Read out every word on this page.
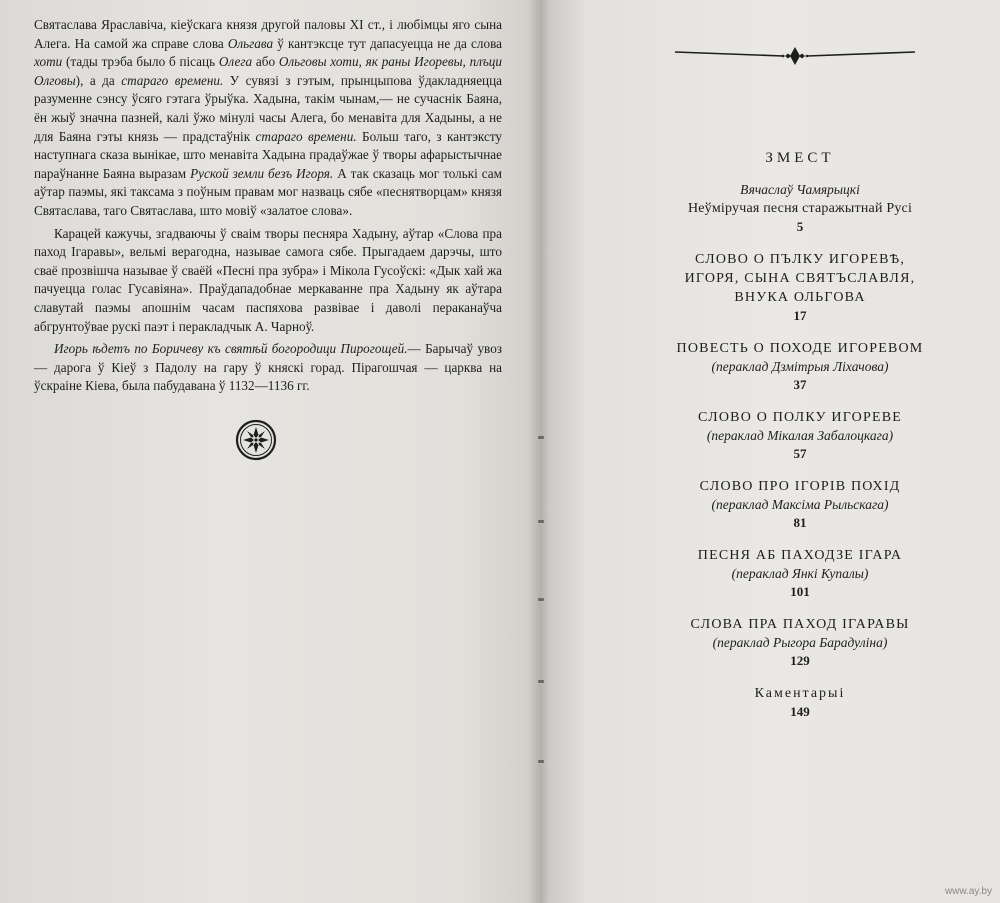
Святаслава Яраславіча, кіеўскага князя другой паловы XI ст., і любімцы яго сына Алега. На самой жа справе слова Ольгава ў кантэксце тут дапасуецца не да слова хоти (тады трэба было б пісаць Олега або Ольговы хоти, як раны Игоревы, плъци Олговы), а да стараго времени. У сувязі з гэтым, прынцыпова ўдакладняецца разуменне сэнсу ўсяго гэтага ўрыўка. Хадына, такім чынам,— не сучаснік Баяна, ён жыў значна пазней, калі ўжо мінулі часы Алега, бо менавіта для Хадыны, а не для Баяна гэты князь — прадстаўнік стараго времени. Больш таго, з кантэксту наступнага сказа вынікае, што менавіта Хадына прадаўжае ў творы афарыстычнае параўнанне Баяна выразам Руской земли безъ Игоря. А так сказаць мог толькі сам аўтар паэмы, які таксама з поўным правам мог назваць сябе «песнятворцам» князя Святаслава, таго Святаслава, што мовіў «залатое слова».

Карацей кажучы, згадваючы ў сваім творы песняра Хадыну, аўтар «Слова пра паход Ігаравы», вельмі верагодна, называе самога сябе. Прыгадаем дарэчы, што сваё прозвішча называе ў сваёй «Песні пра зубра» і Мікола Гусоўскі: «Дык хай жа пачуецца голас Гусавіяна». Праўдападобнае меркаванне пра Хадыну як аўтара славутай паэмы апошнім часам паспяхова развівае і даволі пераканаўча абгрунтоўвае рускі паэт і перакладчык А. Чарноў.

Игорь ѣдетъ по Боричеву къ святѣй богородици Пирогощей.— Барычаў увоз — дарога ў Кіеў з Падолу на гару ў княскі горад. Пірагошчая — царква на ўскраіне Кіева, была пабудавана ў 1132—1136 гг.

ЗМЕСТ
Вячаслаў Чамярыцкі
Неўміручая песня старажытнай Русі
5
СЛОВО О ПЪЛКУ ИГОРЕВѢ,
ИГОРЯ, СЫНА СВЯТЪСЛАВЛЯ,
ВНУКА ОЛЬГОВА
17
ПОВЕСТЬ О ПОХОДЕ ИГОРЕВОМ
(пераклад Дзмітрыя Ліхачова)
37
СЛОВО О ПОЛКУ ИГОРЕВЕ
(пераклад Мікалая Забалоцкага)
57
СЛОВО ПРО ІГОРІВ ПОХІД
(пераклад Максіма Рыльскага)
81
ПЕСНЯ АБ ПАХОДЗЕ ІГАРА
(пераклад Янкі Купалы)
101
СЛОВА ПРА ПАХОД ІГАРАВЫ
(пераклад Рыгора Барадуліна)
129
Каментарыі
149
www.ay.by
